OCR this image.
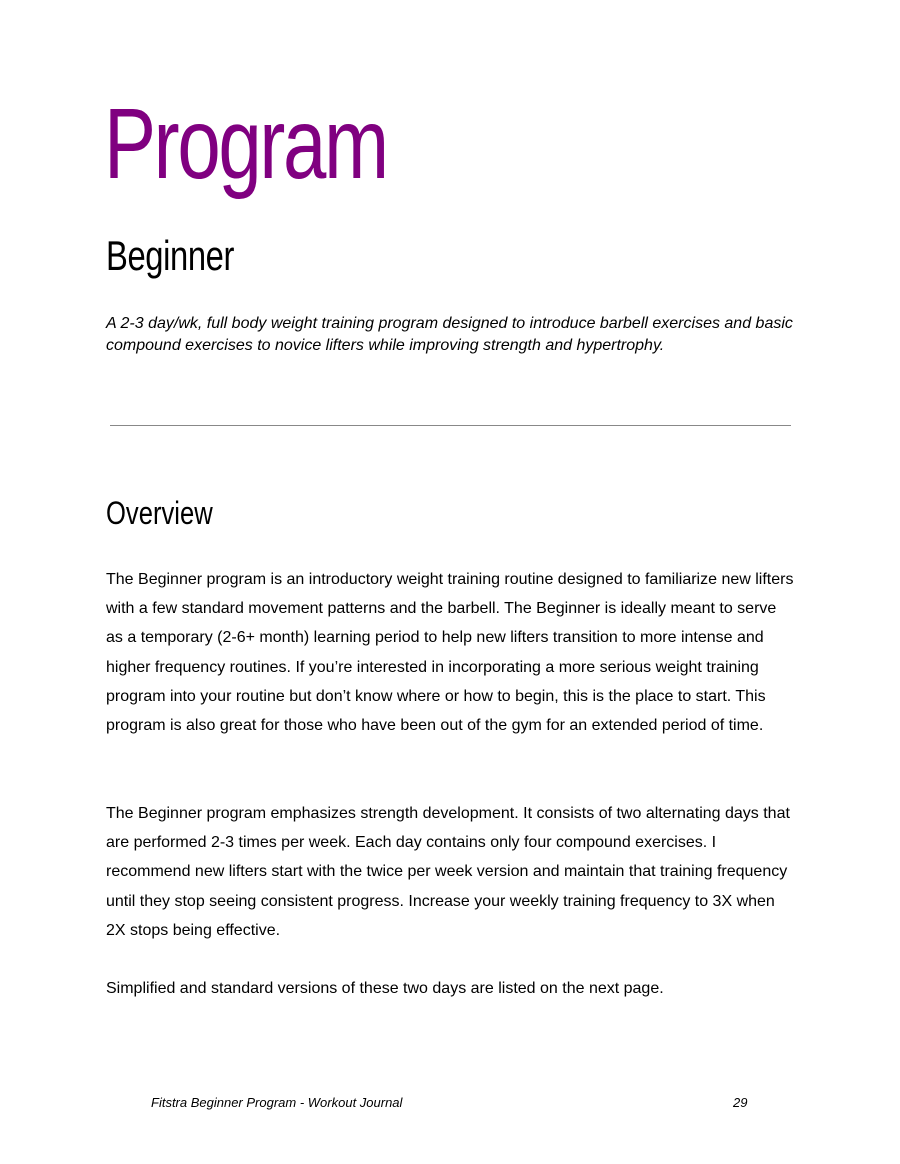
Program
Beginner

A 2-3 day/wk, full body weight training program designed to introduce barbell exercises and basic compound exercises to novice lifters while improving strength and hypertrophy.

Overview

The Beginner program is an introductory weight training routine designed to familiarize new lifters with a few standard movement patterns and the barbell. The Beginner is ideally meant to serve as a temporary (2-6+ month) learning period to help new lifters transition to more intense and higher frequency routines. If you’re interested in incorporating a more serious weight training program into your routine but don’t know where or how to begin, this is the place to start. This program is also great for those who have been out of the gym for an extended period of time.

The Beginner program emphasizes strength development. It consists of two alternating days that are performed 2-3 times per week. Each day contains only four compound exercises. I recommend new lifters start with the twice per week version and maintain that training frequency until they stop seeing consistent progress. Increase your weekly training frequency to 3X when 2X stops being effective.

Simplified and standard versions of these two days are listed on the next page.

Fitstra Beginner Program - Workout Journal	29
